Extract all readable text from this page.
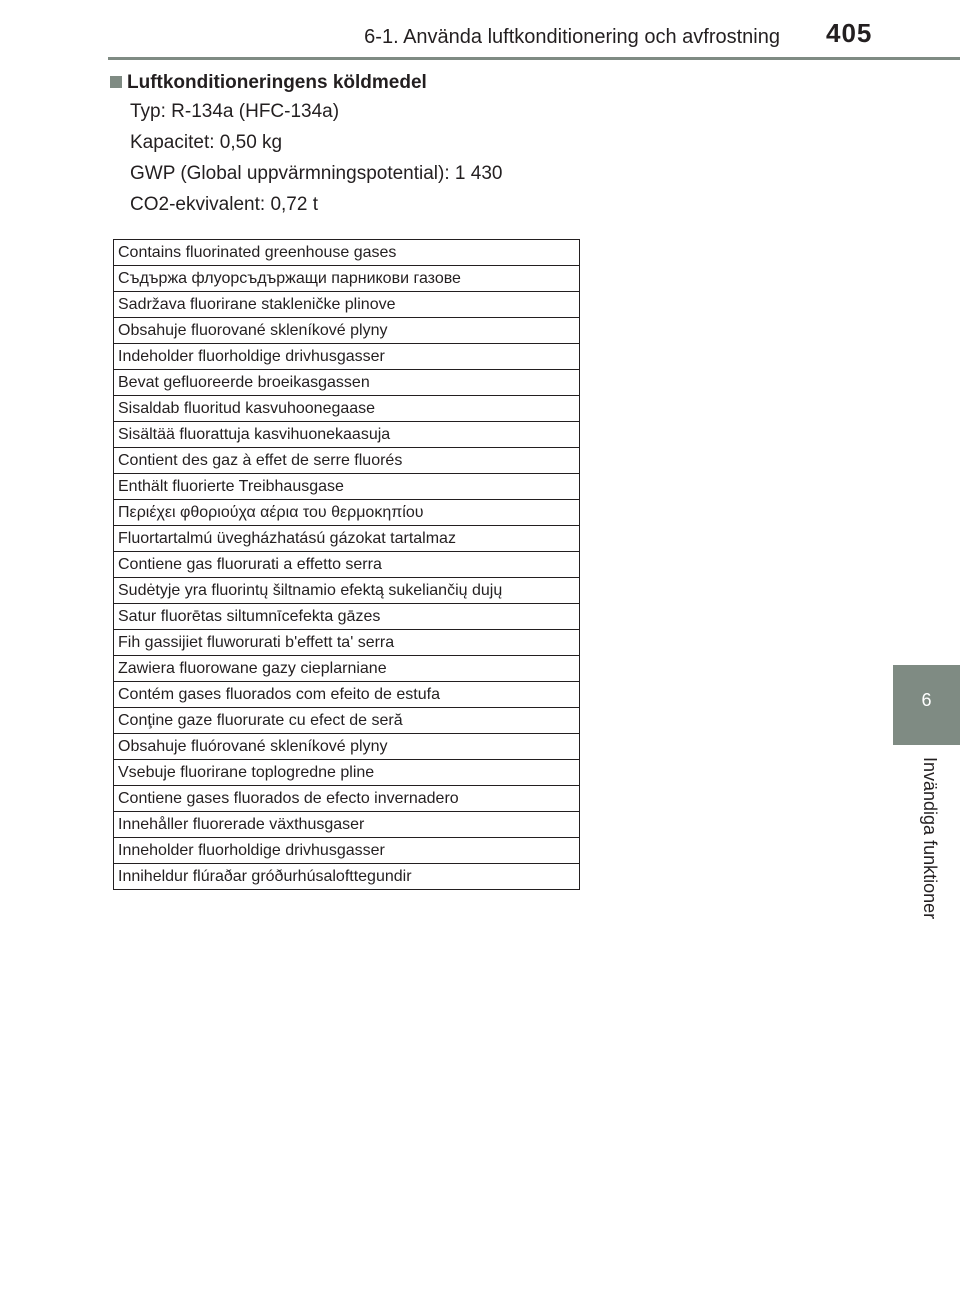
6-1. Använda luftkonditionering och avfrostning 405
6
Invändiga funktioner
Luftkonditioneringens köldmedel
Typ: R-134a (HFC-134a)
Kapacitet: 0,50 kg
GWP (Global uppvärmningspotential): 1 430
CO2-ekvivalent: 0,72 t
Contains fluorinated greenhouse gases
Съдържа флуорсъдържащи парникови газове
Sadržava fluorirane stakleničke plinove
Obsahuje fluorované skleníkové plyny
Indeholder fluorholdige drivhusgasser
Bevat gefluoreerde broeikasgassen
Sisaldab fluoritud kasvuhoonegaase
Sisältää fluorattuja kasvihuonekaasuja
Contient des gaz à effet de serre fluorés
Enthält fluorierte Treibhausgase
Περιέχει φθοριούχα αέρια του θερμοκηπίου
Fluortartalmú üvegházhatású gázokat tartalmaz
Contiene gas fluorurati a effetto serra
Sudėtyje yra fluorintų šiltnamio efektą sukeliančių dujų
Satur fluorētas siltumnīcefekta gāzes
Fih gassijiet fluworurati b'effett ta' serra
Zawiera fluorowane gazy cieplarniane
Contém gases fluorados com efeito de estufa
Conţine gaze fluorurate cu efect de seră
Obsahuje fluórované skleníkové plyny
Vsebuje fluorirane toplogredne pline
Contiene gases fluorados de efecto invernadero
Innehåller fluorerade växthusgaser
Inneholder fluorholdige drivhusgasser
Inniheldur flúraðar gróðurhúsalofttegundir
